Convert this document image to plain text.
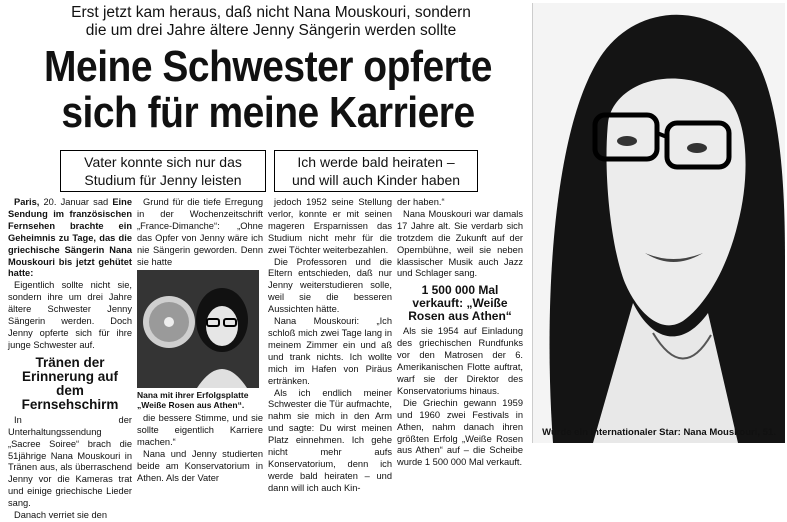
Erst jetzt kam heraus, daß nicht Nana Mouskouri, sondern
die um drei Jahre ältere Jenny Sängerin werden sollte
Meine Schwester opferte
sich für meine Karriere
Vater konnte sich nur das
Studium für Jenny leisten
Ich werde bald heiraten –
und will auch Kinder haben

Paris, 20. Januar sad Eine Sendung im französischen Fernsehen brachte ein Geheimnis zu Tage, das die griechische Sängerin Nana Mouskouri bis jetzt gehütet hatte:

Eigentlich sollte nicht sie, sondern ihre um drei Jahre ältere Schwester Jenny Sängerin werden. Doch Jenny opferte sich für ihre junge Schwester auf.

Tränen der Erinnerung auf dem Fernsehschirm

In der Unterhaltungssendung „Sacree Soiree“ brach die 51jährige Nana Mouskouri in Tränen aus, als überraschend Jenny vor die Kameras trat und einige griechische Lieder sang.

Danach verriet sie den

Grund für die tiefe Erregung in der Wochenzeitschrift „France-Dimanche“: „Ohne das Opfer von Jenny wäre ich nie Sängerin geworden. Denn sie hatte

Nana mit ihrer Erfolgsplatte „Weiße Rosen aus Athen“.

die bessere Stimme, und sie sollte eigentlich Karriere machen.“

Nana und Jenny studierten beide am Konservatorium in Athen. Als der Vater

jedoch 1952 seine Stellung verlor, konnte er mit seinen mageren Ersparnissen das Studium nicht mehr für die zwei Töchter weiterbezahlen.

Die Professoren und die Eltern entschieden, daß nur Jenny weiterstudieren solle, weil sie die besseren Aussichten hätte.

Nana Mouskouri: „Ich schloß mich zwei Tage lang in meinem Zimmer ein und aß und trank nichts. Ich wollte mich im Hafen von Piräus ertränken.

Als ich endlich meiner Schwester die Tür aufmachte, nahm sie mich in den Arm und sagte: Du wirst meinen Platz einnehmen. Ich gehe nicht mehr aufs Konservatorium, denn ich werde bald heiraten – und dann will ich auch Kin-

der haben.“

Nana Mouskouri war damals 17 Jahre alt. Sie verdarb sich trotzdem die Zukunft auf der Opernbühne, weil sie neben klassischer Musik auch Jazz und Schlager sang.

1 500 000 Mal verkauft: „Weiße Rosen aus Athen“

Als sie 1954 auf Einladung des griechischen Rundfunks vor den Matrosen der 6. Amerikanischen Flotte auftrat, warf sie der Direktor des Konservatoriums hinaus.

Die Griechin gewann 1959 und 1960 zwei Festivals in Athen, nahm danach ihren größten Erfolg „Weiße Rosen aus Athen“ auf – die Scheibe wurde 1 500 000 Mal verkauft.

Wurde ein internationaler Star: Nana Mouskouri, 51.
